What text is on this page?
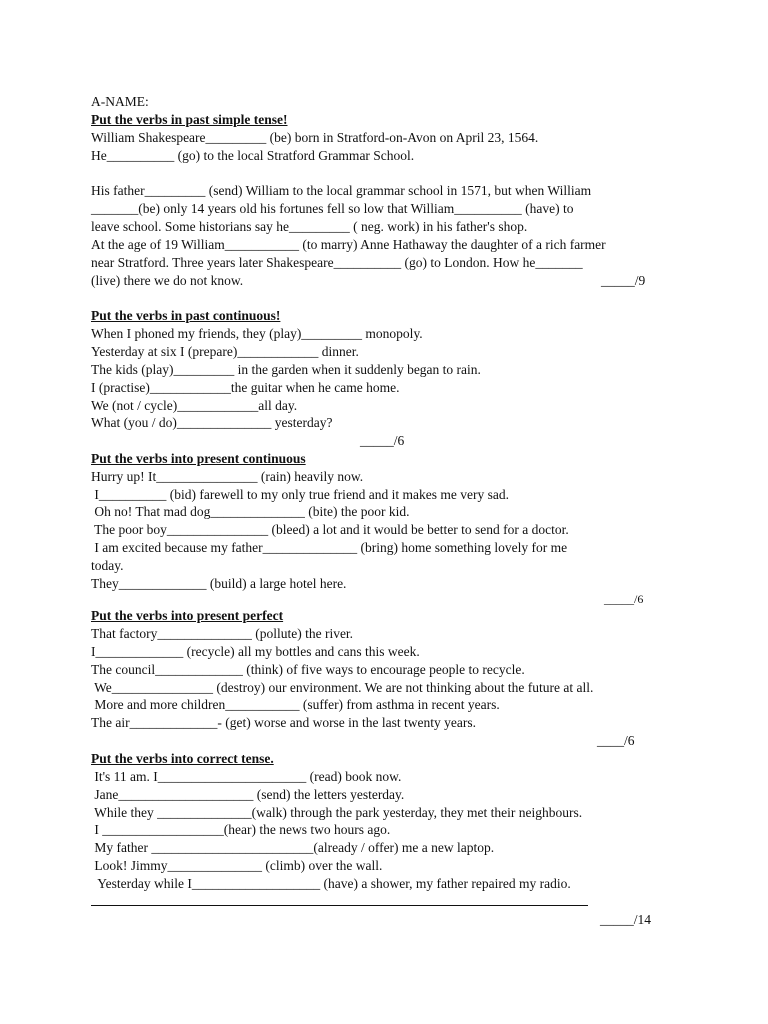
A-NAME:
Put the verbs in past simple tense!
William Shakespeare_________ (be) born in Stratford-on-Avon on April 23, 1564.
He__________ (go) to the local Stratford Grammar School.
His father_________ (send) William to the local grammar school in 1571, but when William
_______(be) only 14 years old his fortunes fell so low that William__________ (have) to
leave school. Some historians say he_________ ( neg. work) in his father's shop.
At the age of 19 William___________ (to marry) Anne Hathaway the daughter of a rich farmer
near Stratford. Three years later Shakespeare__________ (go) to London. How he_______
(live) there we do not know.	_____/9
Put the verbs in past continuous!
When I phoned my friends, they (play)_________ monopoly.
Yesterday at six I (prepare)____________ dinner.
The kids (play)_________ in the garden when it suddenly began to rain.
I (practise)____________the guitar when he came home.
We (not / cycle)____________all day.
What (you / do)______________ yesterday?
_____/6
Put the verbs into present continuous
Hurry up! It_______________ (rain) heavily now.
I__________ (bid) farewell to my only true friend and it makes me very sad.
Oh no! That mad dog______________ (bite) the poor kid.
The poor boy_______________ (bleed) a lot and it would be better to send for a doctor.
I am excited because my father______________ (bring) home something lovely for me
today.
They_____________ (build) a large hotel here.
_____/6
Put the verbs into present perfect
That factory______________ (pollute) the river.
I_____________ (recycle) all my bottles and cans this week.
The council_____________ (think) of five ways to encourage people to recycle.
We_______________ (destroy) our environment. We are not thinking about the future at all.
More and more children___________ (suffer) from asthma in recent years.
The air_____________- (get) worse and worse in the last twenty years.
____/6
Put the verbs into correct tense.
It's 11 am. I______________________ (read) book now.
Jane____________________ (send) the letters yesterday.
While they ______________(walk) through the park yesterday, they met their neighbours.
I __________________(hear) the news two hours ago.
My father ________________________(already / offer) me a new laptop.
Look! Jimmy______________ (climb) over the wall.
Yesterday while I___________________ (have) a shower, my father repaired my radio.
_____/14
